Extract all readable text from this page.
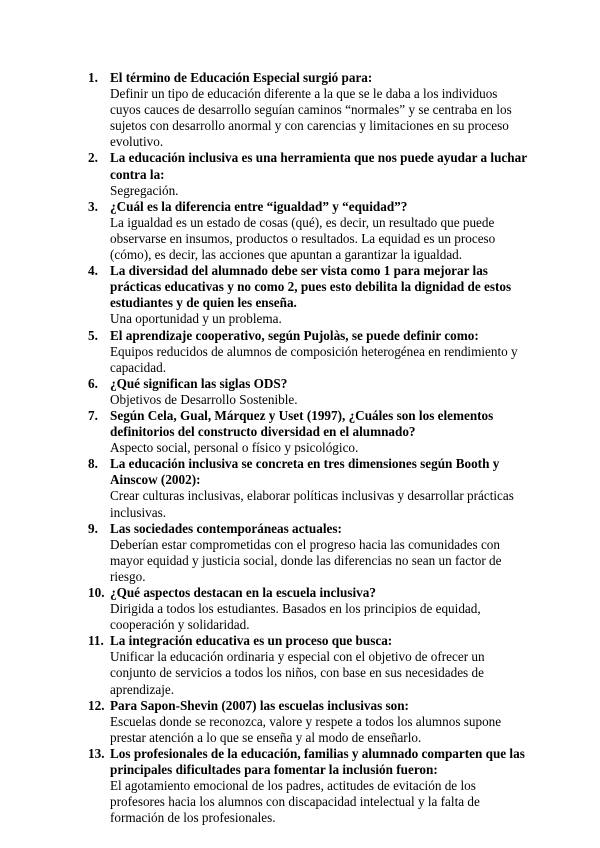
1. El término de Educación Especial surgió para:
Definir un tipo de educación diferente a la que se le daba a los individuos cuyos cauces de desarrollo seguían caminos “normales” y se centraba en los sujetos con desarrollo anormal y con carencias y limitaciones en su proceso evolutivo.
2. La educación inclusiva es una herramienta que nos puede ayudar a luchar contra la:
Segregación.
3. ¿Cuál es la diferencia entre “igualdad” y “equidad”?
La igualdad es un estado de cosas (qué), es decir, un resultado que puede observarse en insumos, productos o resultados. La equidad es un proceso (cómo), es decir, las acciones que apuntan a garantizar la igualdad.
4. La diversidad del alumnado debe ser vista como 1 para mejorar las prácticas educativas y no como 2, pues esto debilita la dignidad de estos estudiantes y de quien les enseña.
Una oportunidad y un problema.
5. El aprendizaje cooperativo, según Pujolàs, se puede definir como:
Equipos reducidos de alumnos de composición heterogénea en rendimiento y capacidad.
6. ¿Qué significan las siglas ODS?
Objetivos de Desarrollo Sostenible.
7. Según Cela, Gual, Márquez y Uset (1997), ¿Cuáles son los elementos definitorios del constructo diversidad en el alumnado?
Aspecto social, personal o físico y psicológico.
8. La educación inclusiva se concreta en tres dimensiones según Booth y Ainscow (2002):
Crear culturas inclusivas, elaborar políticas inclusivas y desarrollar prácticas inclusivas.
9. Las sociedades contemporáneas actuales:
Deberían estar comprometidas con el progreso hacia las comunidades con mayor equidad y justicia social, donde las diferencias no sean un factor de riesgo.
10. ¿Qué aspectos destacan en la escuela inclusiva?
Dirigida a todos los estudiantes. Basados en los principios de equidad, cooperación y solidaridad.
11. La integración educativa es un proceso que busca:
Unificar la educación ordinaria y especial con el objetivo de ofrecer un conjunto de servicios a todos los niños, con base en sus necesidades de aprendizaje.
12. Para Sapon-Shevin (2007) las escuelas inclusivas son:
Escuelas donde se reconozca, valore y respete a todos los alumnos supone prestar atención a lo que se enseña y al modo de enseñarlo.
13. Los profesionales de la educación, familias y alumnado comparten que las principales dificultades para fomentar la inclusión fueron:
El agotamiento emocional de los padres, actitudes de evitación de los profesores hacia los alumnos con discapacidad intelectual y la falta de formación de los profesionales.
